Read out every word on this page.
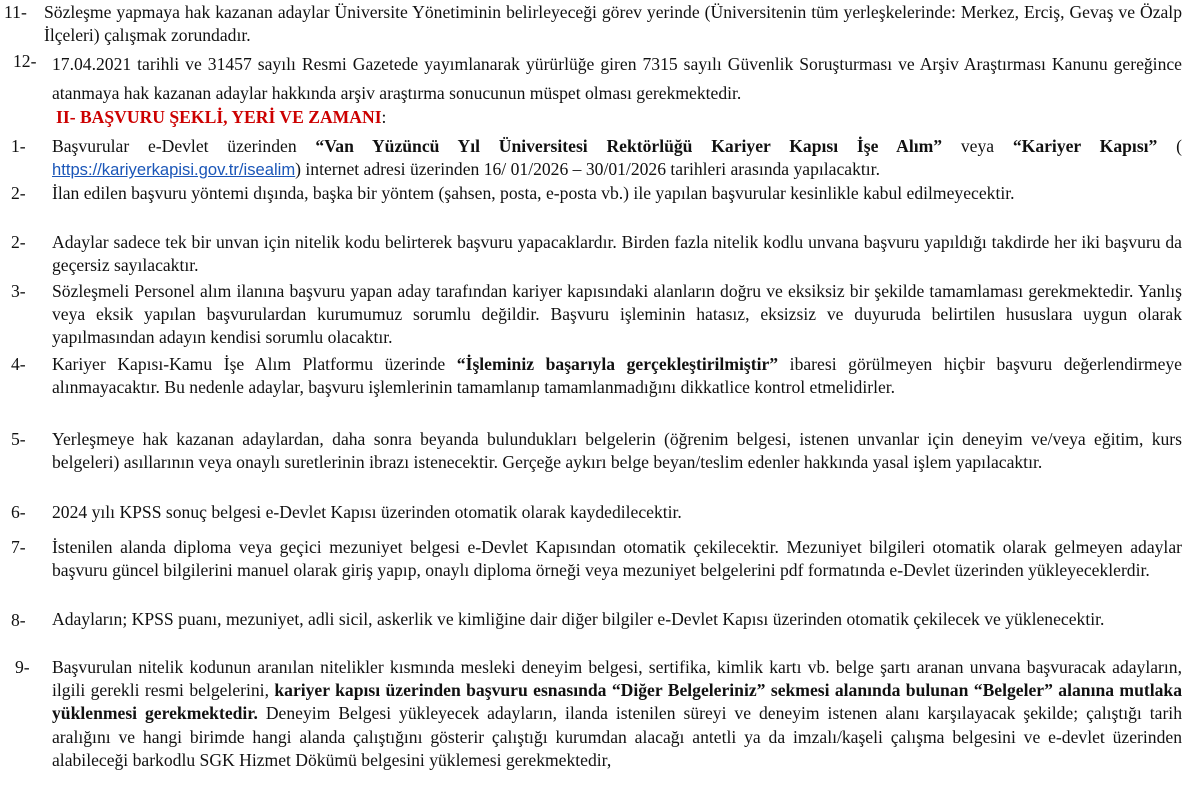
11- Sözleşme yapmaya hak kazanan adaylar Üniversite Yönetiminin belirleyeceği görev yerinde (Üniversitenin tüm yerleşkelerinde: Merkez, Erciş, Gevaş ve Özalp İlçeleri) çalışmak zorundadır.
12- 17.04.2021 tarihli ve 31457 sayılı Resmi Gazetede yayımlanarak yürürlüğe giren 7315 sayılı Güvenlik Soruşturması ve Arşiv Araştırması Kanunu gereğince atanmaya hak kazanan adaylar hakkında arşiv araştırma sonucunun müspet olması gerekmektedir.
II- BAŞVURU ŞEKLİ, YERİ VE ZAMANI:
1- Başvurular e-Devlet üzerinden “Van Yüzüncü Yıl Üniversitesi Rektörlüğü Kariyer Kapısı İşe Alım” veya “Kariyer Kapısı” ( https://kariyerkapisi.gov.tr/isealim) internet adresi üzerinden 16/ 01/2026 – 30/01/2026 tarihleri arasında yapılacaktır.
2- İlan edilen başvuru yöntemi dışında, başka bir yöntem (şahsen, posta, e-posta vb.) ile yapılan başvurular kesinlikle kabul edilmeyecektir.
2- Adaylar sadece tek bir unvan için nitelik kodu belirterek başvuru yapacaklardır. Birden fazla nitelik kodlu unvana başvuru yapıldığı takdirde her iki başvuru da geçersiz sayılacaktır.
3- Sözleşmeli Personel alım ilanına başvuru yapan aday tarafından kariyer kapısındaki alanların doğru ve eksiksiz bir şekilde tamamlaması gerekmektedir. Yanlış veya eksik yapılan başvurulardan kurumumuz sorumlu değildir. Başvuru işleminin hatasız, eksizsiz ve duyuruda belirtilen hususlara uygun olarak yapılmasından adayın kendisi sorumlu olacaktır.
4- Kariyer Kapısı-Kamu İşe Alım Platformu üzerinde “İşleminiz başarıyla gerçekleştirilmiştir” ibaresi görülmeyen hiçbir başvuru değerlendirmeye alınmayacaktır. Bu nedenle adaylar, başvuru işlemlerinin tamamlanıp tamamlanmadığını dikkatlice kontrol etmelidirler.
5- Yerleşmeye hak kazanan adaylardan, daha sonra beyanda bulundukları belgelerin (öğrenim belgesi, istenen unvanlar için deneyim ve/veya eğitim, kurs belgeleri) asıllarının veya onaylı suretlerinin ibrazı istenecektir. Gerçeğe aykırı belge beyan/teslim edenler hakkında yasal işlem yapılacaktır.
6- 2024 yılı KPSS sonuç belgesi e-Devlet Kapısı üzerinden otomatik olarak kaydedilecektir.
7- İstenilen alanda diploma veya geçici mezuniyet belgesi e-Devlet Kapısından otomatik çekilecektir. Mezuniyet bilgileri otomatik olarak gelmeyen adaylar başvuru güncel bilgilerini manuel olarak giriş yapıp, onaylı diploma örneği veya mezuniyet belgelerini pdf formatında e-Devlet üzerinden yükleyeceklerdir.
8- Adayların; KPSS puanı, mezuniyet, adli sicil, askerlik ve kimliğine dair diğer bilgiler e-Devlet Kapısı üzerinden otomatik çekilecek ve yüklenecektir.
9- Başvurulan nitelik kodunun aranılan nitelikler kısmında mesleki deneyim belgesi, sertifika, kimlik kartı vb. belge şartı aranan unvana başvuracak adayların, ilgili gerekli resmi belgelerini, kariyer kapısı üzerinden başvuru esnasında “Diğer Belgeleriniz” sekmesi alanında bulunan “Belgeler” alanına mutlaka yüklenmesi gerekmektedir. Deneyim Belgesi yükleyecek adayların, ilanda istenilen süreyi ve deneyim istenen alanı karşılayacak şekilde; çalıştığı tarih aralığını ve hangi birimde hangi alanda çalıştığını gösterir çalıştığı kurumdan alacağı antetli ya da imzalı/kaşeli çalışma belgesini ve e-devlet üzerinden alabileceği barkodlu SGK Hizmet Dökümü belgesini yüklemesi gerekmektedir,
